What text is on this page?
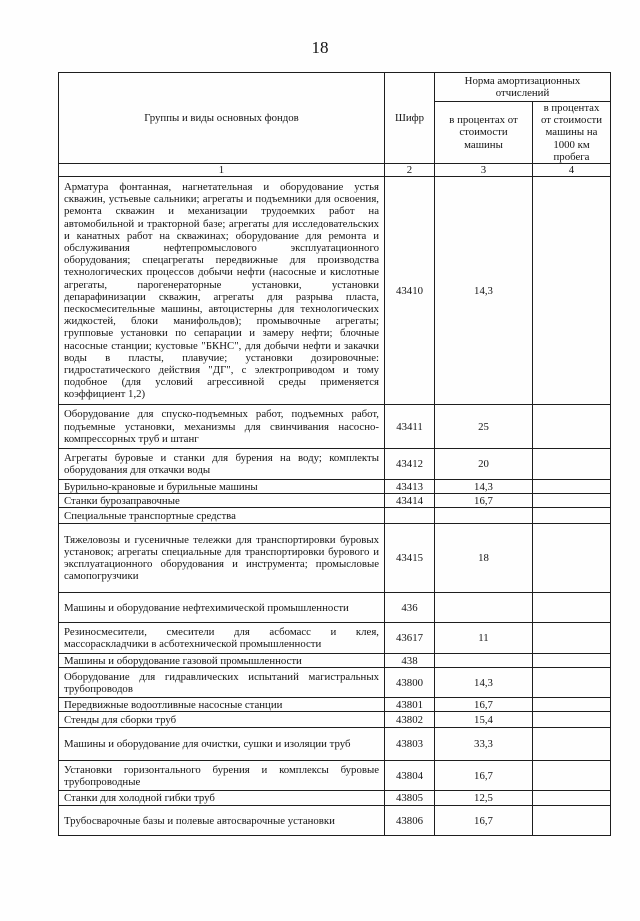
18
Группы и виды основных фондов	Шифр	Норма амортизационных отчислений	
		в процентах от стоимости машины	в процентах от стоимости машины на 1000 км пробега
1	2	3	4
Арматура фонтанная, нагнетательная и оборудование устья скважин, устьевые сальники; агрегаты и подъемники для освоения, ремонта скважин и механизации трудоемких работ на автомобильной и тракторной базе; агрегаты для исследовательских и канатных работ на скважинах; оборудование для ремонта и обслуживания нефтепромыслового эксплуатационного оборудования; спецагрегаты передвижные для производства технологических процессов добычи нефти (насосные и кислотные агрегаты, парогенераторные установки, установки депарафинизации скважин, агрегаты для разрыва пласта, пескосмесительные машины, автоцистерны для технологических жидкостей, блоки манифольдов); промывочные агрегаты; групповые установки по сепарации и замеру нефти; блочные насосные станции; кустовые "БКНС", для добычи нефти и закачки воды в пласты, плавучие; установки дозировочные: гидростатического действия "ДГ", с электроприводом и тому подобное (для условий агрессивной среды применяется коэффициент 1,2)	43410	14,3	
Оборудование для спуско-подъемных работ, подъемных работ, подъемные установки, механизмы для свинчивания насосно-компрессорных труб и штанг	43411	25	
Агрегаты буровые и станки для бурения на воду; комплекты оборудования для откачки воды	43412	20	
Бурильно-крановые и бурильные машины	43413	14,3	
Станки бурозаправочные	43414	16,7	
Специальные транспортные средства			
Тяжеловозы и гусеничные тележки для транспортировки буровых установок; агрегаты специальные для транспортировки бурового и эксплуатационного оборудования и инструмента; промысловые самопогрузчики	43415	18	
Машины и оборудование нефтехимической промышленности	436		
Резиносмесители, смесители для асбомасс и клея, массораскладчики в асботехнической промышленности	43617	11	
Машины и оборудование газовой промышленности	438		
Оборудование для гидравлических испытаний магистральных трубопроводов	43800	14,3	
Передвижные водоотливные насосные станции	43801	16,7	
Стенды для сборки труб	43802	15,4	
Машины и оборудование для очистки, сушки и изоляции труб	43803	33,3	
Установки горизонтального бурения и комплексы буровые трубопроводные	43804	16,7	
Станки для холодной гибки труб	43805	12,5	
Трубосварочные базы и полевые автосварочные установки	43806	16,7	
